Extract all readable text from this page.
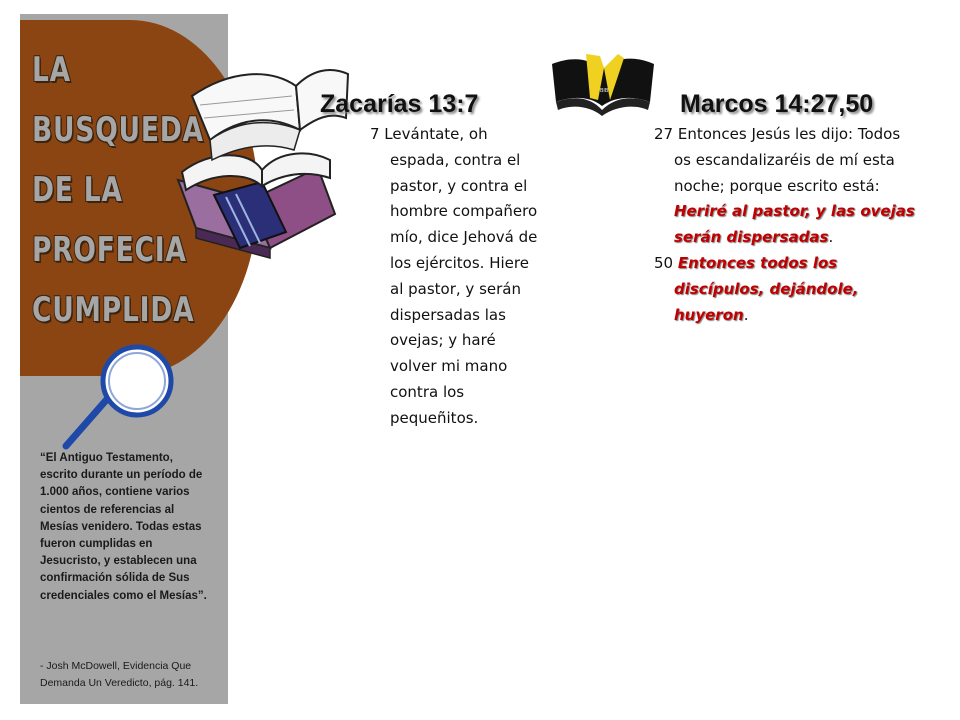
BIB
LA
BUSQUEDA
DE LA
PROFECIA
CUMPLIDA
“El Antiguo Testamento, escrito durante un período de 1.000 años, contiene varios cientos de referencias al Mesías venidero. Todas estas fueron cumplidas en Jesucristo, y establecen una confirmación sólida de Sus credenciales como el Mesías”.
- Josh McDowell, Evidencia Que Demanda Un Veredicto, pág. 141.
Zacarías 13:7

7 Levántate, oh espada, contra el pastor, y contra el hombre compañero mío, dice Jehová de los ejércitos. Hiere al pastor, y serán dispersadas las ovejas; y haré volver mi mano contra los pequeñitos.

Marcos 14:27,50

27 Entonces Jesús les dijo: Todos os escandalizaréis de mí esta noche; porque escrito está: Heriré al pastor, y las ovejas serán dispersadas.

50 Entonces todos los discípulos, dejándole, huyeron.
